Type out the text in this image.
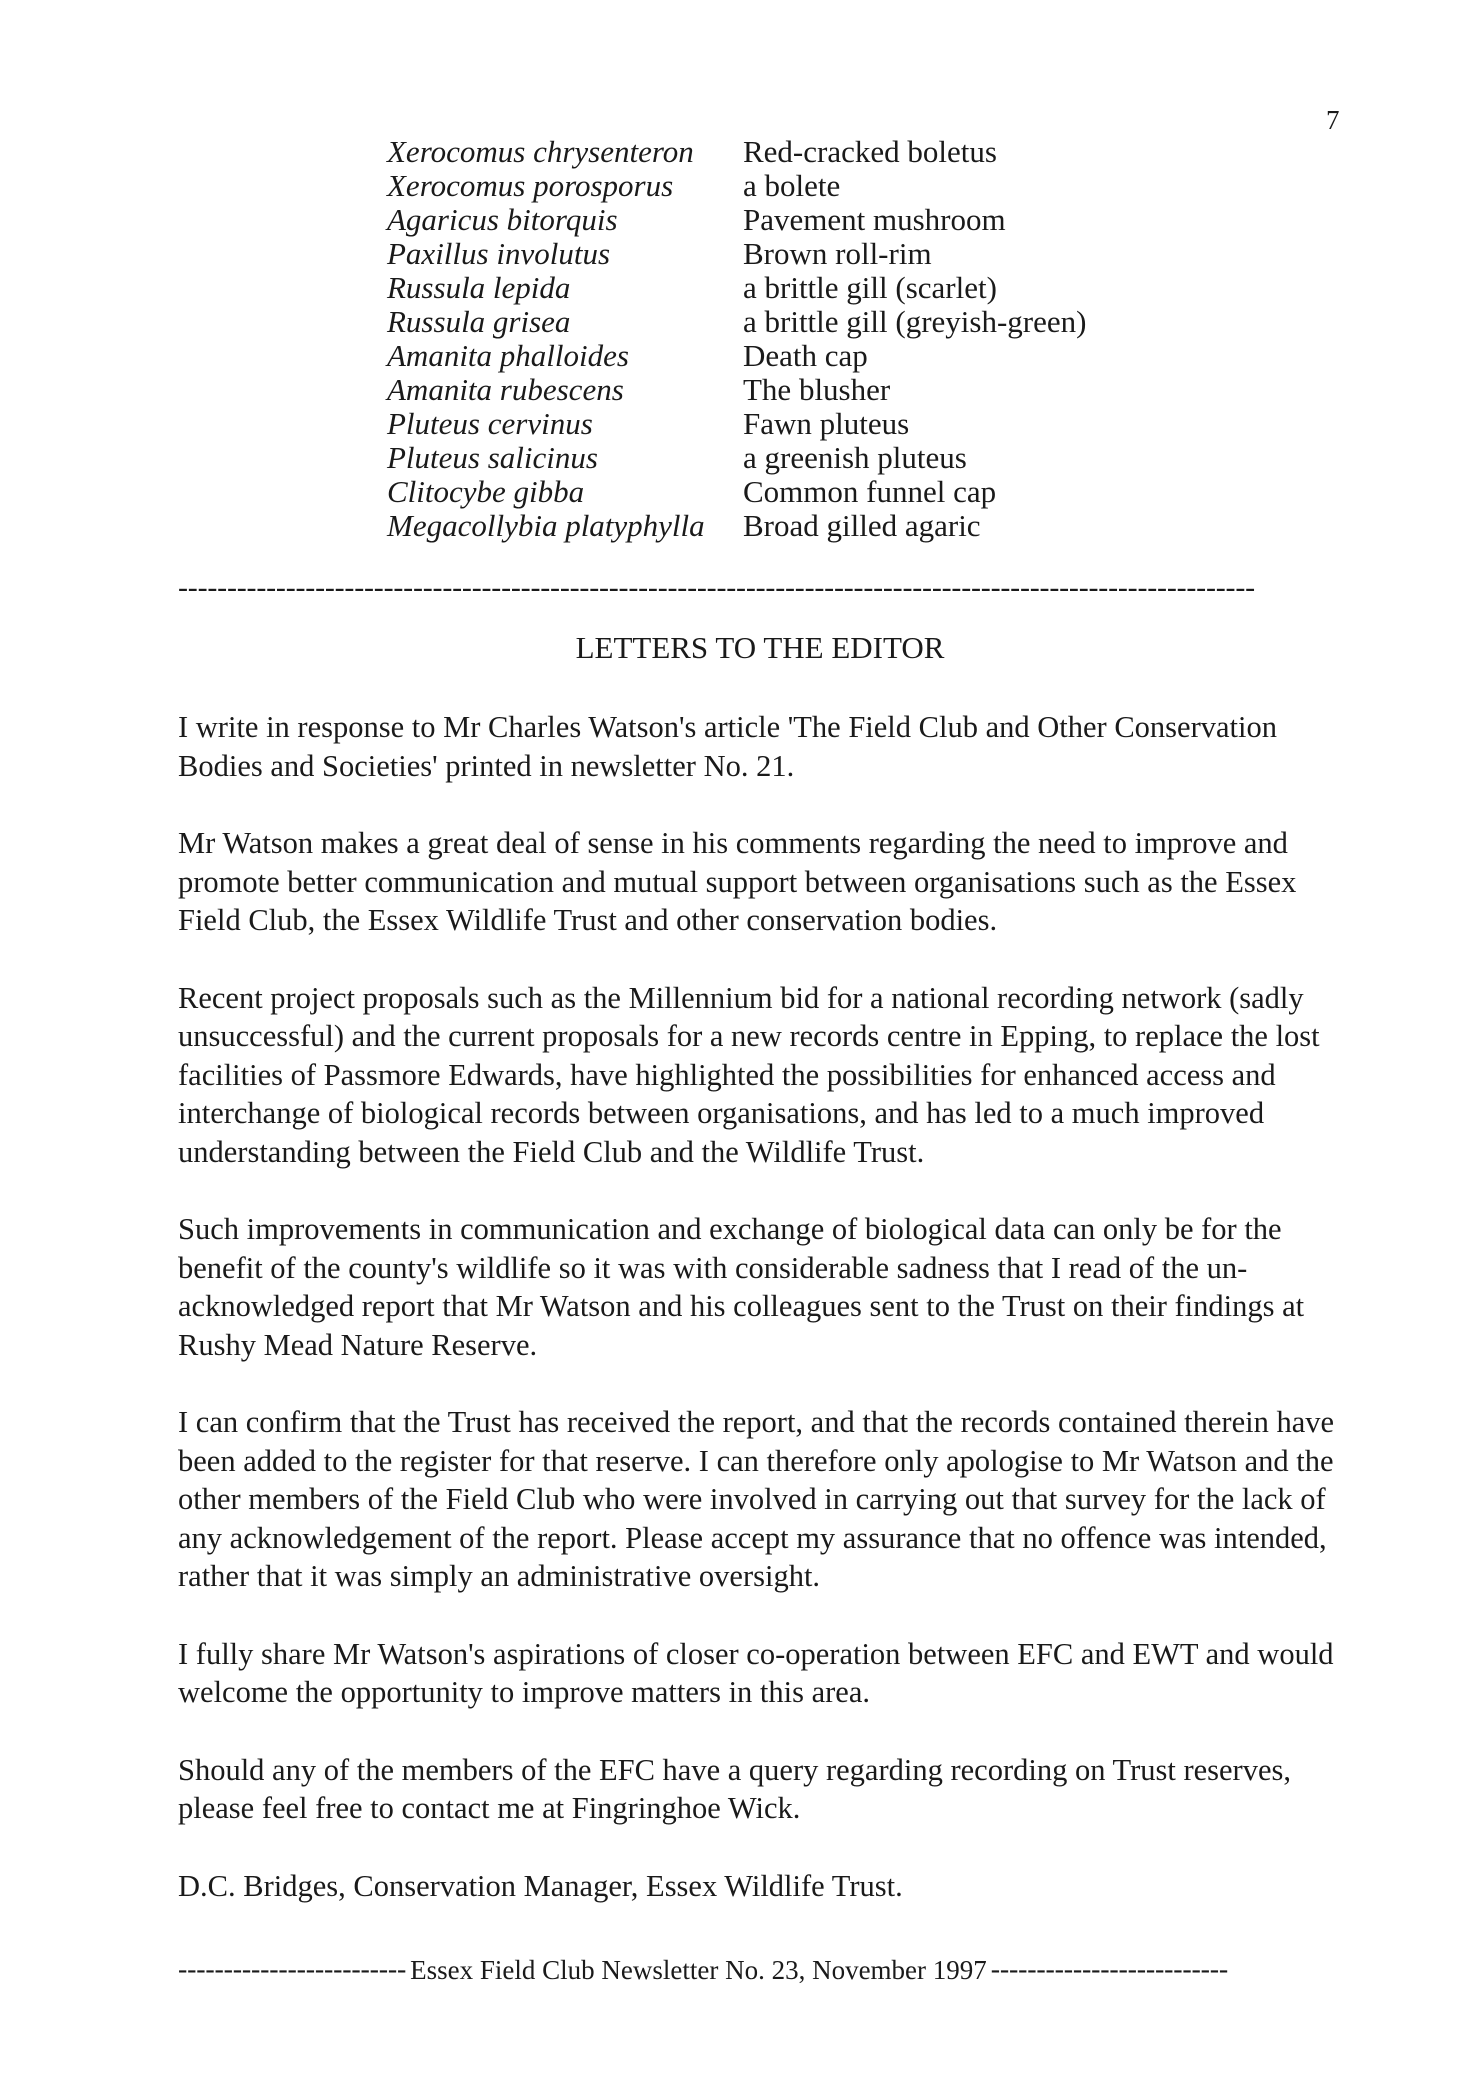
7
Xerocomus chrysenteron	Red-cracked boletus
Xerocomus porosporus	a bolete
Agaricus bitorquis	Pavement mushroom
Paxillus involutus	Brown roll-rim
Russula lepida	a brittle gill (scarlet)
Russula grisea	a brittle gill (greyish-green)
Amanita phalloides	Death cap
Amanita rubescens	The blusher
Pluteus cervinus	Fawn pluteus
Pluteus salicinus	a greenish pluteus
Clitocybe gibba	Common funnel cap
Megacollybia platyphylla	Broad gilled agaric
--------------------------------------------------------------------------------------------------------------
LETTERS TO THE EDITOR

I write in response to Mr Charles Watson's article 'The Field Club and Other Conservation Bodies and Societies' printed in newsletter No. 21.

Mr Watson makes a great deal of sense in his comments regarding the need to improve and promote better communication and mutual support between organisations such as the Essex Field Club, the Essex Wildlife Trust and other conservation bodies.

Recent project proposals such as the Millennium bid for a national recording network (sadly unsuccessful) and the current proposals for a new records centre in Epping, to replace the lost facilities of Passmore Edwards, have highlighted the possibilities for enhanced access and interchange of biological records between organisations, and has led to a much improved understanding between the Field Club and the Wildlife Trust.

Such improvements in communication and exchange of biological data can only be for the benefit of the county's wildlife so it was with considerable sadness that I read of the un-acknowledged report that Mr Watson and his colleagues sent to the Trust on their findings at Rushy Mead Nature Reserve.

I can confirm that the Trust has received the report, and that the records contained therein have been added to the register for that reserve. I can therefore only apologise to Mr Watson and the other members of the Field Club who were involved in carrying out that survey for the lack of any acknowledgement of the report. Please accept my assurance that no offence was intended, rather that it was simply an administrative oversight.

I fully share Mr Watson's aspirations of closer co-operation between EFC and EWT and would welcome the opportunity to improve matters in this area.

Should any of the members of the EFC have a query regarding recording on Trust reserves, please feel free to contact me at Fingringhoe Wick.

D.C. Bridges, Conservation Manager, Essex Wildlife Trust.

------------------------- Essex Field Club Newsletter No. 23, November 1997 --------------------------
